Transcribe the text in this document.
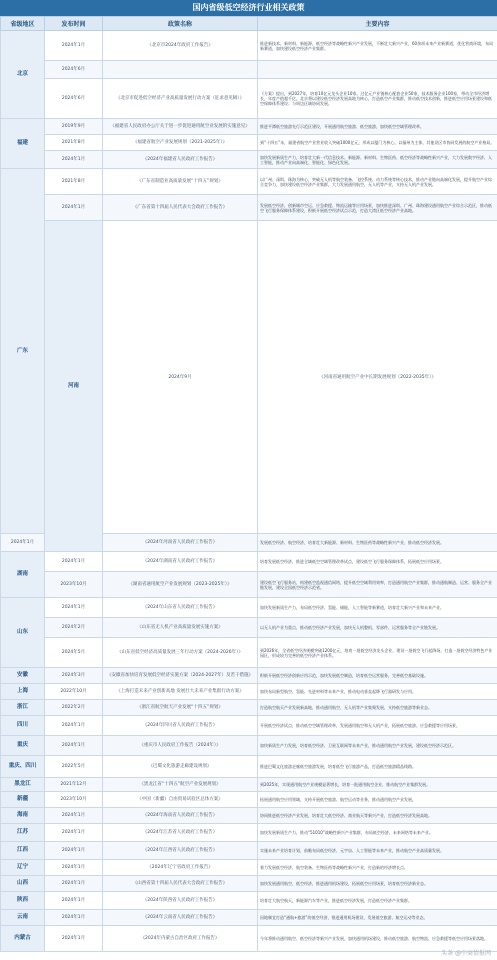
国内省级低空经济行业相关政策
省级地区	发布时间	政策名称	主要内容	
北京	2024年1月	《北京市2024年政府工作报告》	推进新技术、新材料、新能源、低空经济等战略性新兴产业发展，不断壮大新兴产业，60余项未来产业新赛道，优化营商环境，布局新赛道，加快建设低空经济产业集群。	
	2024年6月			
	2024年6月	《北京市促进低空经济产业高质量发展行动方案（征求意见稿）》	《方案》提出，到2027年，培育10亿元龙头企业10家，过亿元产业链核心配套企业50家，技术服务企业100家，带动全市经济增长，年度产值超千亿。北京将以建设低空经济发展高地为核心，打造低空产业集群，推动低空技术创新，推进低空应用场景建设和低空保障体系建设；与周边区域协同发展。	
福建	2019年9月	《福建省人民政府办公厅关于进一步促进通用航空业发展的实施意见》	推进平潭低空旅游先行示范区建设，开展通用航空旅游、低空旅游，加快低空空域管理改革。	
	2021年8月	《福建省航空产业发展规划（2021-2025年）》	到“十四五”末，福建省航空产业营业收入突破1000亿元，形成以厦门为核心，以福州为主体，其他设区市协同发展的航空产业格局。	
	2024年1月	《2024年福建省人民政府工作报告》	加快发展新质生产力，培育壮大新一代信息技术、新能源、新材料、生物医药、低空经济等战略性新兴产业，大力发展数字经济、人工智能，推动产业向高端化、智能化、绿色化发展。	
广东	2021年8月	《广东省制造业高质量发展“十四五”规划》	以广州、深圳、珠海为核心，突破无人机等航空装备、飞控系统、动力系统等核心技术，推动产业链向高端化发展，提升航空产业综合竞争力，加快建设低空经济产业集群，大力发展通用航空、无人机等产业，支持无人机产业发展。	
	2024年1月	《广东省第十四届人民代表大会政府工作报告》	发展低空经济，创新城市空运、应急救援、物流运输等应用场景，加快推进深圳、广州、珠海建设通用航空产业综合示范区，推动低空飞行服务保障体系建设，积极开展低空经济试点示范，打造大湾区低空经济产业高地。	
	河南	2024年9月	《河南省通用航空产业中长期发展规划（2022-2035年）》	
2024年1月		《2024年河南省人民政府工作报告》	发展低空经济、航空经济，培育壮大新能源、新材料、生物医药等战略性新兴产业，推动低空经济发展。	
湖南	2024年1月	《2024年湖南省人民政府工作报告》	培育发展低空经济，推进全域低空空域管理改革试点，建设低空飞行服务保障体系，拓展低空应用场景。	
	2023年10月	《湖南省通用航空产业发展规划（2023-2025年）》	建设低空飞行服务站，构建低空监视通信网络，提升低空空域利用效率，打造通用航空产业集群，推动通航制造、运营、服务全产业链发展，建设全国低空经济示范省。	
山东	2024年1月	《2024年山东省人民政府工作报告》	加快发展新质生产力，布局低空经济、氢能、储能、人工智能等新赛道，培育壮大新兴产业和未来产业。	
	2024年2月	《山东省无人机产业高质量发展实施方案》	以无人机产业为重点，推动低空经济产业发展，加快无人机整机、零部件、运营服务等全产业链发展。	
	2024年5月	《山东省低空经济高质量发展三年行动方案（2024-2026年）》	到2026年，全省低空经济规模突破1200亿元，培育一批低空经济龙头企业，建设一批低空飞行起降场，打造一批低空经济特色产业园区，形成较为完善的低空经济产业体系。	
安徽	2024年3月	《安徽省加快培育发展低空经济实施方案（2024-2027年）及若干措施》	积极开展低空经济创新应用示范，加快发展低空制造，培育低空运营服务，完善低空基础设施。	
上海	2022年10月	《上海打造未来产业创新高地 发展壮大未来产业集群行动方案》	加快布局新型航空、氢能、先进材料等未来产业，推动电动垂直起降飞行器研发与应用。	
浙江	2022年2月	《浙江省航空航天产业发展“十四五”规划》	打造航空航天产业发展新高地，推动通用航空、无人机等产业集聚发展，支持低空旅游等新业态。	
四川	2024年1月	《2024年四川省人民政府工作报告》	开展低空经济试点，推动低空空域管理改革，发展通用航空和无人机产业，拓展低空旅游、应急救援等应用场景。	
重庆	2024年1月	《重庆市人民政府工作报告（2024年）》	加快新质生产力发展，培育低空经济、卫星互联网等未来产业，推动通用航空产业发展，建设低空经济示范区。	
重庆、四川	2022年5月	《巴蜀文化旅游走廊建设规划》	推进巴蜀文化旅游走廊低空旅游发展，培育低空飞行旅游产品，打造低空旅游精品线路。	
黑龙江	2021年12月	《黑龙江省“十四五”航空产业发展规划》	到2025年，实现通用航空产业规模显著增长，培育一批通用航空企业，推动航空产业集群发展。	
新疆	2023年10月	《中国（新疆）自由贸易试验区总体方案》	拓展通用航空应用领域，支持开展低空旅游、航空运动等业务，推动通用航空产业发展。	
海南	2024年1月	《2024年海南省人民政府工作报告》	协同推进低空经济产业发展，培育壮大低空经济、商业航天等新兴产业，打造低空经济发展高地。	
江苏	2024年1月	《2024年江苏省人民政府工作报告》	加快发展新质生产力，推动“51010”战略性新兴产业集群，布局低空经济、未来网络等未来产业。	
江西	2024年1月	《2024年江西省人民政府工作报告》	实施未来产业培育计划，前瞻布局低空经济、元宇宙、人工智能等未来产业，推动航空产业高质量发展。	
辽宁	2024年1月	《2024年辽宁省政府工作报告》	着力发展低空经济、航空装备、生物医药等战略性新兴产业，打造新的经济增长点。	
山西	2024年1月	《山西省第十四届人民代表大会政府工作报告》	加快发展通用航空、低空经济，推进通用机场建设，拓展低空应用场景，培育低空经济新业态。	
陕西	2024年1月	《2024年陕西省人民政府工作报告》	培育壮大航空航天、新能源汽车等产业，推进低空经济发展，打造低空经济产业集群。	
云南	2024年1月	《2024年云南省人民政府工作报告》	因地制宜打造“通航+旅游”的低空经济，推进通用机场建设，发展低空旅游、航空运动等业态。	
内蒙古	2024年1月	《2024年内蒙古自治区政府工作报告》	今年将推动通用航空、低空经济等新兴产业发展，加快通用机场建设，推动低空旅游、航空物流、应急救援等低空应用场景落地。	
头条 @中商情报网
